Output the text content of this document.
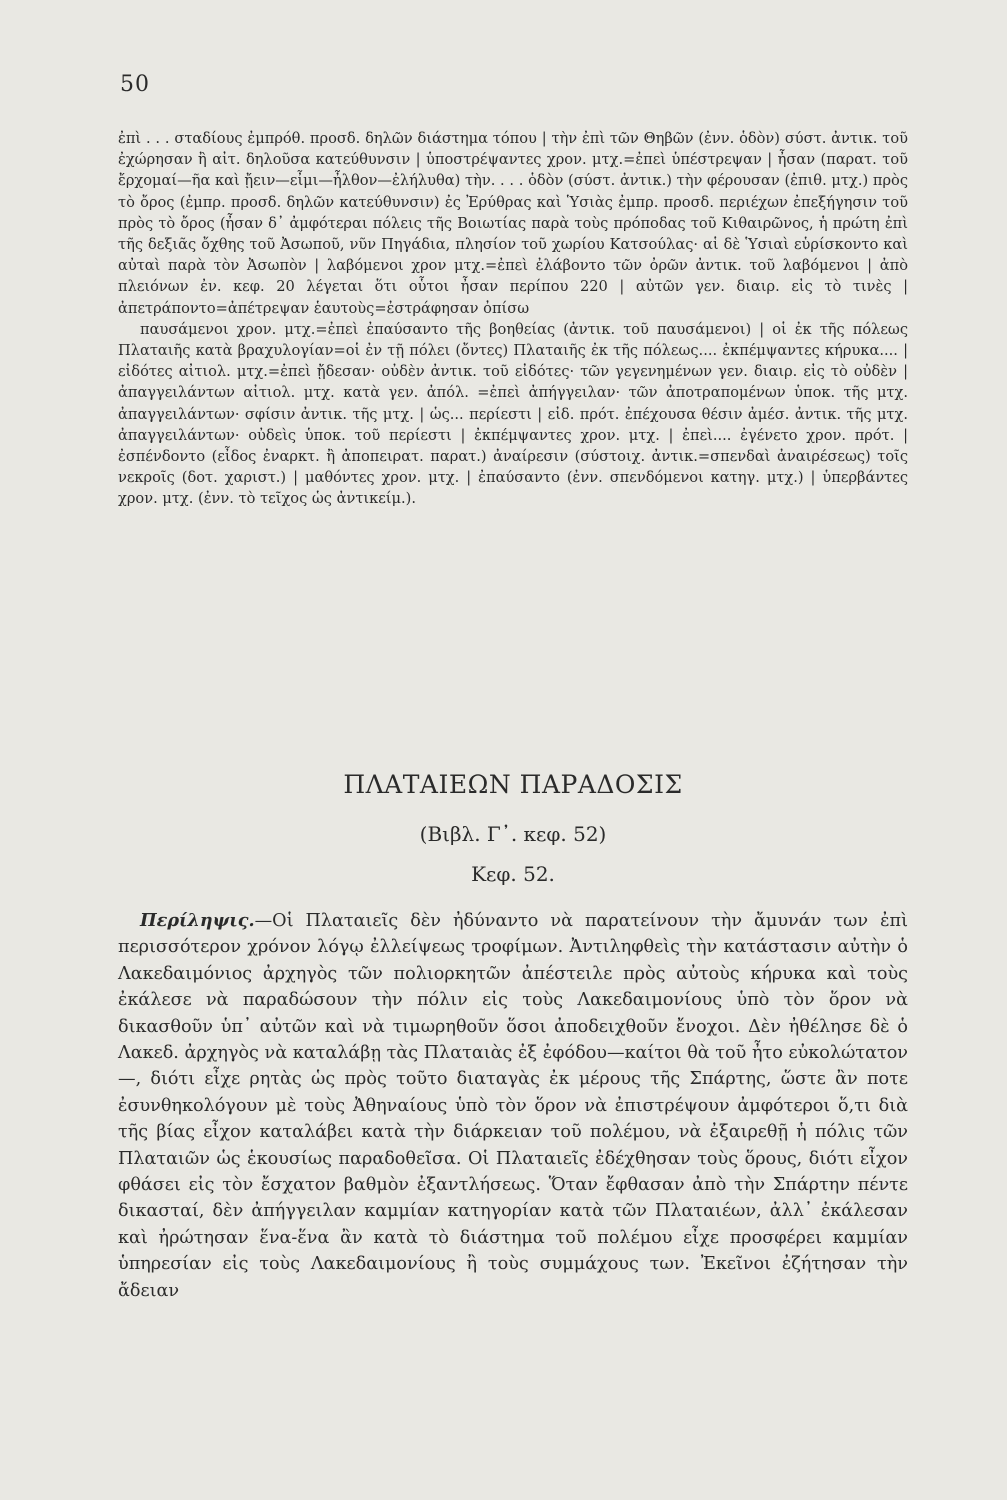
50

ἐπὶ . . . σταδίους ἐμπρόθ. προσδ. δηλῶν διάστημα τόπου | τὴν ἐπὶ τῶν Θηβῶν (ἐνν. ὁδὸν) σύστ. ἀντικ. τοῦ ἐχώρησαν ἢ αἰτ. δηλοῦσα κατεύθυνσιν | ὑποστρέψαντες χρον. μτχ.=ἐπεὶ ὑπέστρεψαν | ἦσαν (παρατ. τοῦ ἔρχομαί—ῆα καὶ ᾔειν—εἶμι—ἦλθον—ἐλήλυθα) τὴν. . . . ὁδὸν (σύστ. ἀντικ.) τὴν φέρουσαν (ἐπιθ. μτχ.) πρὸς τὸ ὄρος (ἐμπρ. προσδ. δηλῶν κατεύθυνσιν) ἐς Ἐρύθρας καὶ Ὑσιὰς ἐμπρ. προσδ. περιέχων ἐπεξήγησιν τοῦ πρὸς τὸ ὄρος (ἦσαν δ᾽ ἀμφότεραι πόλεις τῆς Βοιωτίας παρὰ τοὺς πρόποδας τοῦ Κιθαιρῶνος, ἡ πρώτη ἐπὶ τῆς δεξιᾶς ὄχθης τοῦ Ἀσωποῦ, νῦν Πηγάδια, πλησίον τοῦ χωρίου Κατσούλας· αἱ δὲ Ὑσιαὶ εὑρίσκοντο καὶ αὐταὶ παρὰ τὸν Ἀσωπὸν | λαβόμενοι χρον μτχ.=ἐπεὶ ἐλάβοντο τῶν ὀρῶν ἀντικ. τοῦ λαβόμενοι | ἀπὸ πλειόνων ἐν. κεφ. 20 λέγεται ὅτι οὗτοι ἦσαν περίπου 220 | αὐτῶν γεν. διαιρ. εἰς τὸ τινὲς | ἀπετράποντο=ἀπέτρεψαν ἑαυτοὺς=ἐστράφησαν ὀπίσω

παυσάμενοι χρον. μτχ.=ἐπεὶ ἐπαύσαντο τῆς βοηθείας (ἀντικ. τοῦ παυσάμενοι) | οἱ ἐκ τῆς πόλεως Πλαταιῆς κατὰ βραχυλογίαν=οἱ ἐν τῇ πόλει (ὄντες) Πλαταιῆς ἐκ τῆς πόλεως.... ἐκπέμψαντες κήρυκα.... | εἰδότες αἰτιολ. μτχ.=ἐπεὶ ᾔδεσαν· οὐδὲν ἀντικ. τοῦ εἰδότες· τῶν γεγενημένων γεν. διαιρ. εἰς τὸ οὐδὲν | ἀπαγγειλάντων αἰτιολ. μτχ. κατὰ γεν. ἀπόλ. =ἐπεὶ ἀπήγγειλαν· τῶν ἀποτραπομένων ὑποκ. τῆς μτχ. ἀπαγγειλάντων· σφίσιν ἀντικ. τῆς μτχ. | ὡς... περίεστι | εἰδ. πρότ. ἐπέχουσα θέσιν ἀμέσ. ἀντικ. τῆς μτχ. ἀπαγγειλάντων· οὐδεὶς ὑποκ. τοῦ περίεστι | ἐκπέμψαντες χρον. μτχ. | ἐπεὶ.... ἐγένετο χρον. πρότ. | ἐσπένδοντο (εἶδος ἐναρκτ. ἢ ἀποπειρατ. παρατ.) ἀναίρεσιν (σύστοιχ. ἀντικ.=σπενδαὶ ἀναιρέσεως) τοῖς νεκροῖς (δοτ. χαριστ.) | μαθόντες χρον. μτχ. | ἐπαύσαντο (ἐνν. σπενδόμενοι κατηγ. μτχ.) | ὑπερβάντες χρον. μτχ. (ἐνν. τὸ τεῖχος ὡς ἀντικείμ.).

ΠΛΑΤΑΙΕΩΝ ΠΑΡΑΔΟΣΙΣ
(Βιβλ. Γ᾽. κεφ. 52)
Κεφ. 52.
Περίληψις.—Οἱ Πλαταιεῖς δὲν ἠδύναντο νὰ παρατείνουν τὴν ἄμυνάν των ἐπὶ περισσότερον χρόνον λόγῳ ἐλλείψεως τροφίμων. Ἀντιληφθεὶς τὴν κατάστασιν αὐτὴν ὁ Λακεδαιμόνιος ἀρχηγὸς τῶν πολιορκητῶν ἀπέστειλε πρὸς αὐτοὺς κήρυκα καὶ τοὺς ἐκάλεσε νὰ παραδώσουν τὴν πόλιν εἰς τοὺς Λακεδαιμονίους ὑπὸ τὸν ὅρον νὰ δικασθοῦν ὑπ᾽ αὐτῶν καὶ νὰ τιμωρηθοῦν ὅσοι ἀποδειχθοῦν ἔνοχοι. Δὲν ἠθέλησε δὲ ὁ Λακεδ. ἀρχηγὸς νὰ καταλάβῃ τὰς Πλαταιὰς ἐξ ἐφόδου—καίτοι θὰ τοῦ ἦτο εὐκολώτατον—, διότι εἶχε ρητὰς ὡς πρὸς τοῦτο διαταγὰς ἐκ μέρους τῆς Σπάρτης, ὥστε ἂν ποτε ἐσυνθηκολόγουν μὲ τοὺς Ἀθηναίους ὑπὸ τὸν ὅρον νὰ ἐπιστρέψουν ἀμφότεροι ὅ,τι διὰ τῆς βίας εἶχον καταλάβει κατὰ τὴν διάρκειαν τοῦ πολέμου, νὰ ἐξαιρεθῇ ἡ πόλις τῶν Πλαταιῶν ὡς ἑκουσίως παραδοθεῖσα. Οἱ Πλαταιεῖς ἐδέχθησαν τοὺς ὅρους, διότι εἶχον φθάσει εἰς τὸν ἔσχατον βαθμὸν ἐξαντλήσεως. Ὅταν ἔφθασαν ἀπὸ τὴν Σπάρτην πέντε δικασταί, δὲν ἀπήγγειλαν καμμίαν κατηγορίαν κατὰ τῶν Πλαταιέων, ἀλλ᾽ ἐκάλεσαν καὶ ἠρώτησαν ἕνα-ἕνα ἂν κατὰ τὸ διάστημα τοῦ πολέμου εἶχε προσφέρει καμμίαν ὑπηρεσίαν εἰς τοὺς Λακεδαιμονίους ἢ τοὺς συμμάχους των. Ἐκεῖνοι ἐζήτησαν τὴν ἄδειαν
